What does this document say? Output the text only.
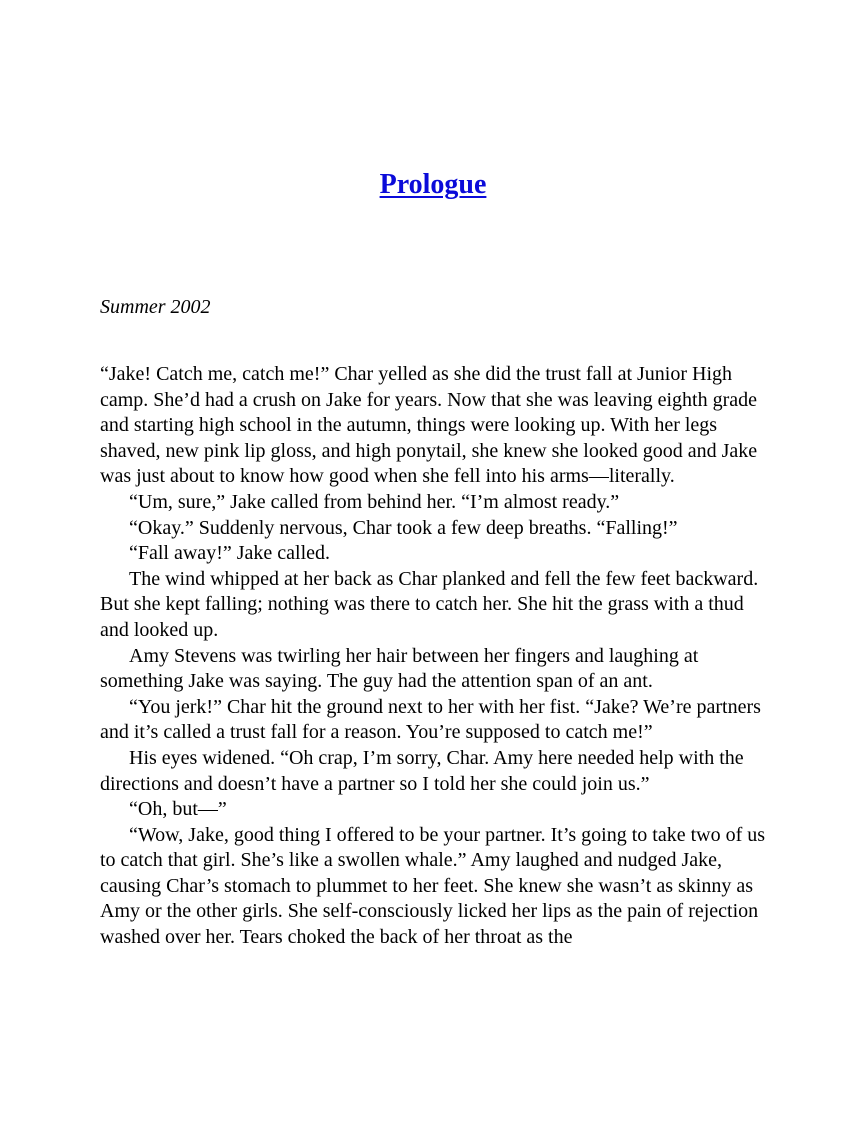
Prologue

Summer 2002

“Jake! Catch me, catch me!” Char yelled as she did the trust fall at Junior High camp. She’d had a crush on Jake for years. Now that she was leaving eighth grade and starting high school in the autumn, things were looking up. With her legs shaved, new pink lip gloss, and high ponytail, she knew she looked good and Jake was just about to know how good when she fell into his arms—literally.

“Um, sure,” Jake called from behind her. “I’m almost ready.”

“Okay.” Suddenly nervous, Char took a few deep breaths. “Falling!”

“Fall away!” Jake called.

The wind whipped at her back as Char planked and fell the few feet backward. But she kept falling; nothing was there to catch her. She hit the grass with a thud and looked up.

Amy Stevens was twirling her hair between her fingers and laughing at something Jake was saying. The guy had the attention span of an ant.

“You jerk!” Char hit the ground next to her with her fist. “Jake? We’re partners and it’s called a trust fall for a reason. You’re supposed to catch me!”

His eyes widened. “Oh crap, I’m sorry, Char. Amy here needed help with the directions and doesn’t have a partner so I told her she could join us.”

“Oh, but—”

“Wow, Jake, good thing I offered to be your partner. It’s going to take two of us to catch that girl. She’s like a swollen whale.” Amy laughed and nudged Jake, causing Char’s stomach to plummet to her feet. She knew she wasn’t as skinny as Amy or the other girls. She self-consciously licked her lips as the pain of rejection washed over her. Tears choked the back of her throat as the
